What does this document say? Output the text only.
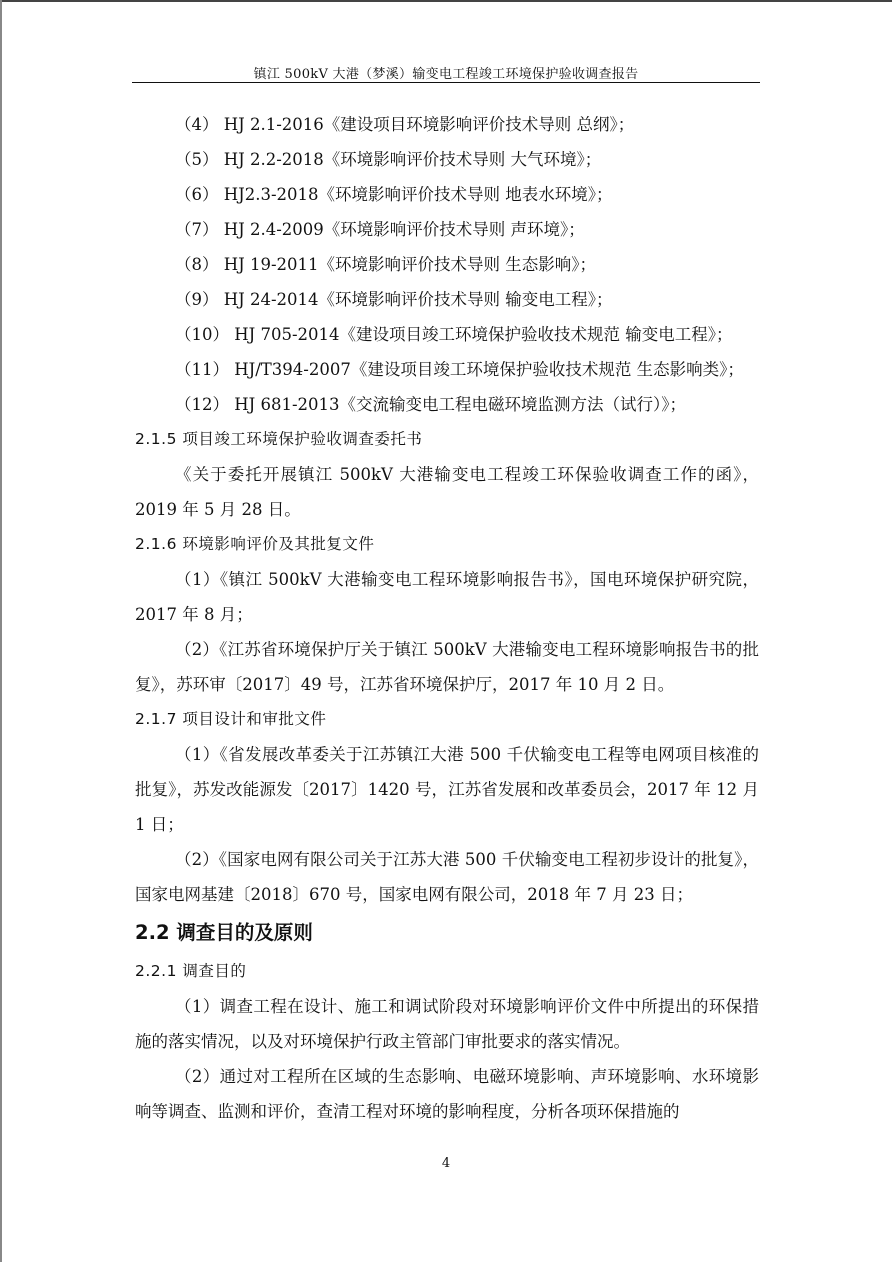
镇江 500kV 大港（梦溪）输变电工程竣工环境保护验收调查报告
（4） HJ 2.1-2016《建设项目环境影响评价技术导则 总纲》；
（5） HJ 2.2-2018《环境影响评价技术导则 大气环境》；
（6） HJ2.3-2018《环境影响评价技术导则 地表水环境》；
（7） HJ 2.4-2009《环境影响评价技术导则 声环境》；
（8） HJ 19-2011《环境影响评价技术导则 生态影响》；
（9） HJ 24-2014《环境影响评价技术导则 输变电工程》；
（10） HJ 705-2014《建设项目竣工环境保护验收技术规范 输变电工程》；
（11） HJ/T394-2007《建设项目竣工环境保护验收技术规范 生态影响类》；
（12） HJ 681-2013《交流输变电工程电磁环境监测方法（试行）》；
2.1.5 项目竣工环境保护验收调查委托书

《关于委托开展镇江 500kV 大港输变电工程竣工环保验收调查工作的函》，2019 年 5 月 28 日。

2.1.6 环境影响评价及其批复文件

（1）《镇江 500kV 大港输变电工程环境影响报告书》，国电环境保护研究院，2017 年 8 月；

（2）《江苏省环境保护厅关于镇江 500kV 大港输变电工程环境影响报告书的批复》，苏环审〔2017〕49 号，江苏省环境保护厅，2017 年 10 月 2 日。

2.1.7 项目设计和审批文件

（1）《省发展改革委关于江苏镇江大港 500 千伏输变电工程等电网项目核准的批复》，苏发改能源发〔2017〕1420 号，江苏省发展和改革委员会，2017 年 12 月 1 日；

（2）《国家电网有限公司关于江苏大港 500 千伏输变电工程初步设计的批复》，国家电网基建〔2018〕670 号，国家电网有限公司，2018 年 7 月 23 日；

2.2 调查目的及原则
2.2.1 调查目的

（1）调查工程在设计、施工和调试阶段对环境影响评价文件中所提出的环保措施的落实情况，以及对环境保护行政主管部门审批要求的落实情况。

（2）通过对工程所在区域的生态影响、电磁环境影响、声环境影响、水环境影响等调查、监测和评价，查清工程对环境的影响程度，分析各项环保措施的

4
